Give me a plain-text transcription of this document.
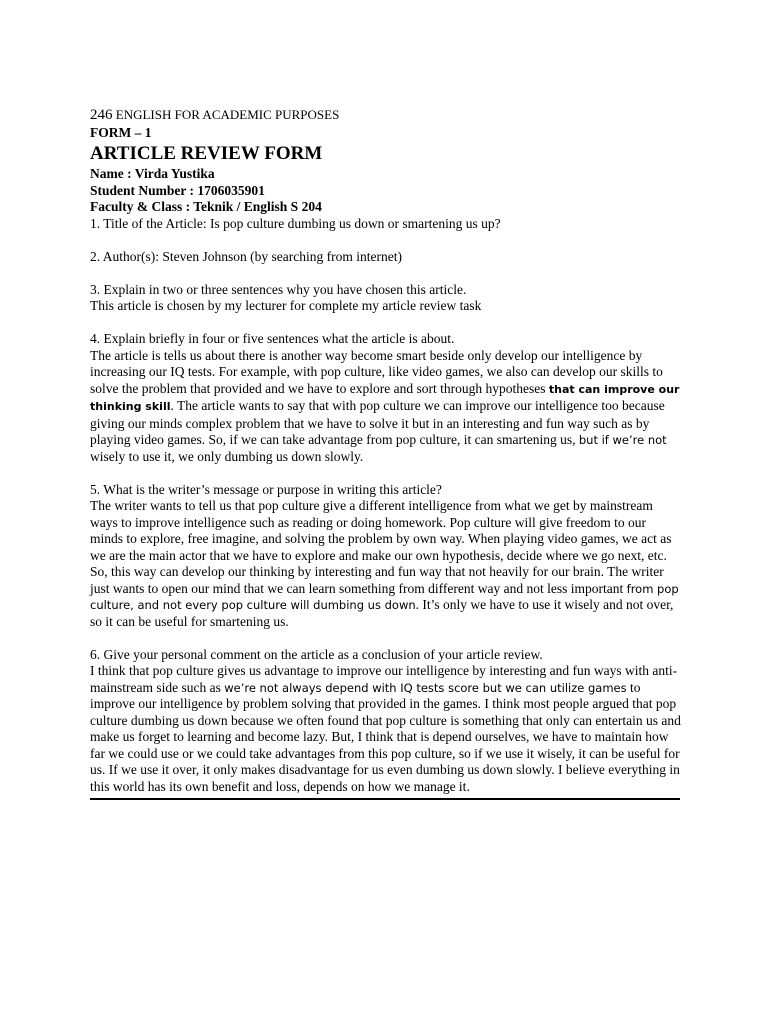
246 ENGLISH FOR ACADEMIC PURPOSES
FORM – 1
ARTICLE REVIEW FORM
Name : Virda Yustika
Student Number : 1706035901
Faculty & Class : Teknik / English S 204
1. Title of the Article: Is pop culture dumbing us down or smartening us up?
2. Author(s): Steven Johnson (by searching from internet)
3. Explain in two or three sentences why you have chosen this article.
This article is chosen by my lecturer for complete my article review task
4. Explain briefly in four or five sentences what the article is about.
The article is tells us about there is another way become smart beside only develop our intelligence by increasing our IQ tests. For example, with pop culture, like video games, we also can develop our skills to solve the problem that provided and we have to explore and sort through hypotheses that can improve our thinking skill. The article wants to say that with pop culture we can improve our intelligence too because giving our minds complex problem that we have to solve it but in an interesting and fun way such as by playing video games. So, if we can take advantage from pop culture, it can smartening us, but if we’re not wisely to use it, we only dumbing us down slowly.
5. What is the writer’s message or purpose in writing this article?
The writer wants to tell us that pop culture give a different intelligence from what we get by mainstream ways to improve intelligence such as reading or doing homework. Pop culture will give freedom to our minds to explore, free imagine, and solving the problem by own way. When playing video games, we act as we are the main actor that we have to explore and make our own hypothesis, decide where we go next, etc. So, this way can develop our thinking by interesting and fun way that not heavily for our brain. The writer just wants to open our mind that we can learn something from different way and not less important from pop culture, and not every pop culture will dumbing us down. It’s only we have to use it wisely and not over, so it can be useful for smartening us.
6. Give your personal comment on the article as a conclusion of your article review.
I think that pop culture gives us advantage to improve our intelligence by interesting and fun ways with anti-mainstream side such as we’re not always depend with IQ tests score but we can utilize games to improve our intelligence by problem solving that provided in the games. I think most people argued that pop culture dumbing us down because we often found that pop culture is something that only can entertain us and make us forget to learning and become lazy. But, I think that is depend ourselves, we have to maintain how far we could use or we could take advantages from this pop culture, so if we use it wisely, it can be useful for us. If we use it over, it only makes disadvantage for us even dumbing us down slowly. I believe everything in this world has its own benefit and loss, depends on how we manage it.
